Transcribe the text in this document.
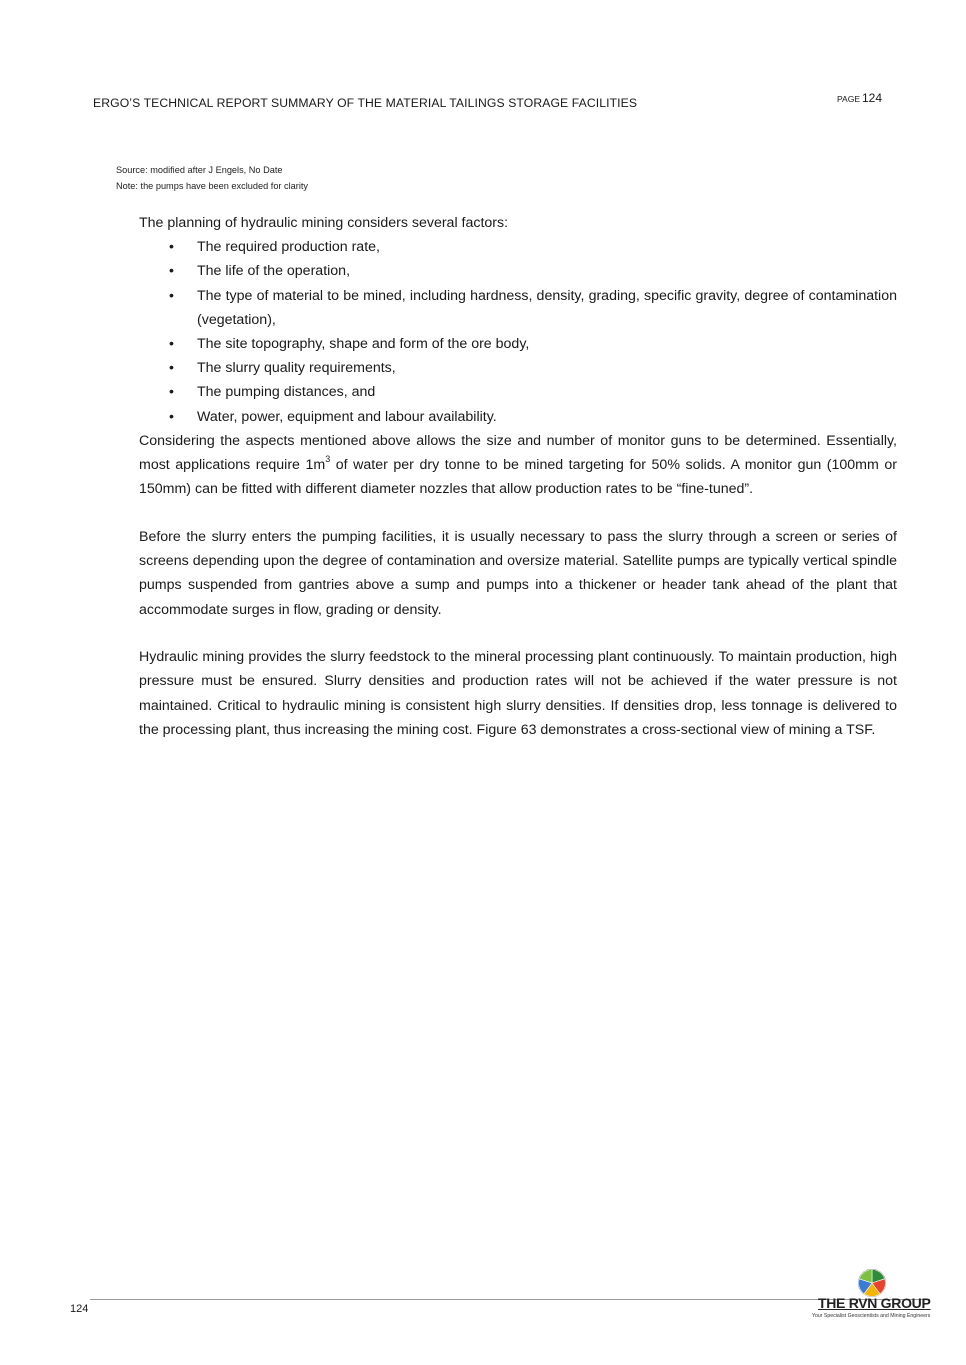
ERGO’S TECHNICAL REPORT SUMMARY OF THE MATERIAL TAILINGS STORAGE FACILITIES	PAGE 124
Source: modified after J Engels, No Date
Note: the pumps have been excluded for clarity

The planning of hydraulic mining considers several factors:

• The required production rate,
• The life of the operation,
• The type of material to be mined, including hardness, density, grading, specific gravity, degree of contamination (vegetation),
• The site topography, shape and form of the ore body,
• The slurry quality requirements,
• The pumping distances, and
• Water, power, equipment and labour availability.

Considering the aspects mentioned above allows the size and number of monitor guns to be determined. Essentially, most applications require $1m^3$ of water per dry tonne to be mined targeting for 50% solids. A monitor gun (100mm or 150mm) can be fitted with different diameter nozzles that allow production rates to be “fine-tuned”.

Before the slurry enters the pumping facilities, it is usually necessary to pass the slurry through a screen or series of screens depending upon the degree of contamination and oversize material. Satellite pumps are typically vertical spindle pumps suspended from gantries above a sump and pumps into a thickener or header tank ahead of the plant that accommodate surges in flow, grading or density.

Hydraulic mining provides the slurry feedstock to the mineral processing plant continuously. To maintain production, high pressure must be ensured. Slurry densities and production rates will not be achieved if the water pressure is not maintained. Critical to hydraulic mining is consistent high slurry densities. If densities drop, less tonnage is delivered to the processing plant, thus increasing the mining cost. Figure 63 demonstrates a cross-sectional view of mining a TSF.

124	THE RVN GROUP
Your Specialist Geoscientists and Mining Engineers
